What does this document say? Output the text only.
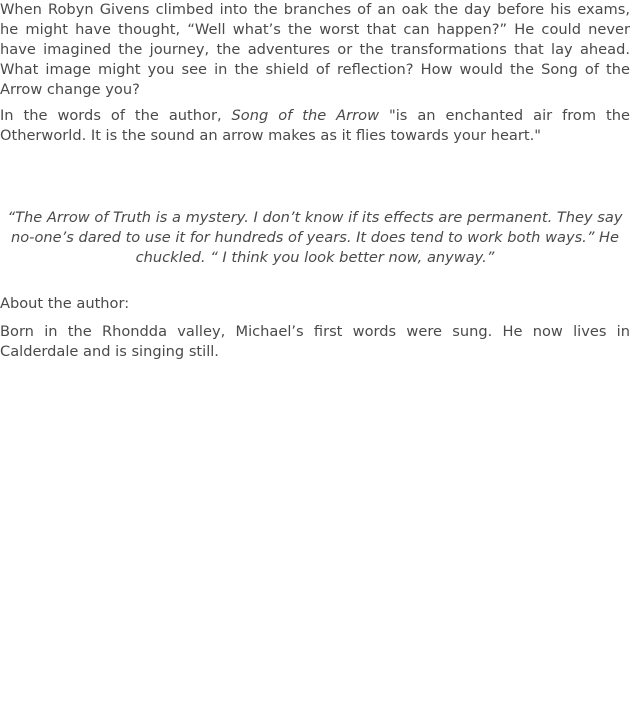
When Robyn Givens climbed into the branches of an oak the day before his exams, he might have thought, “Well what’s the worst that can happen?” He could never have imagined the journey, the adventures or the transformations that lay ahead. What image might you see in the shield of reflection? How would the Song of the Arrow change you?

In the words of the author, Song of the Arrow "is an enchanted air from the Otherworld. It is the sound an arrow makes as it flies towards your heart."

“The Arrow of Truth is a mystery. I don’t know if its effects are permanent. They say no-one’s dared to use it for hundreds of years. It does tend to work both ways.” He chuckled. “ I think you look better now, anyway.”

About the author:

Born in the Rhondda valley, Michael’s first words were sung. He now lives in Calderdale and is singing still.
